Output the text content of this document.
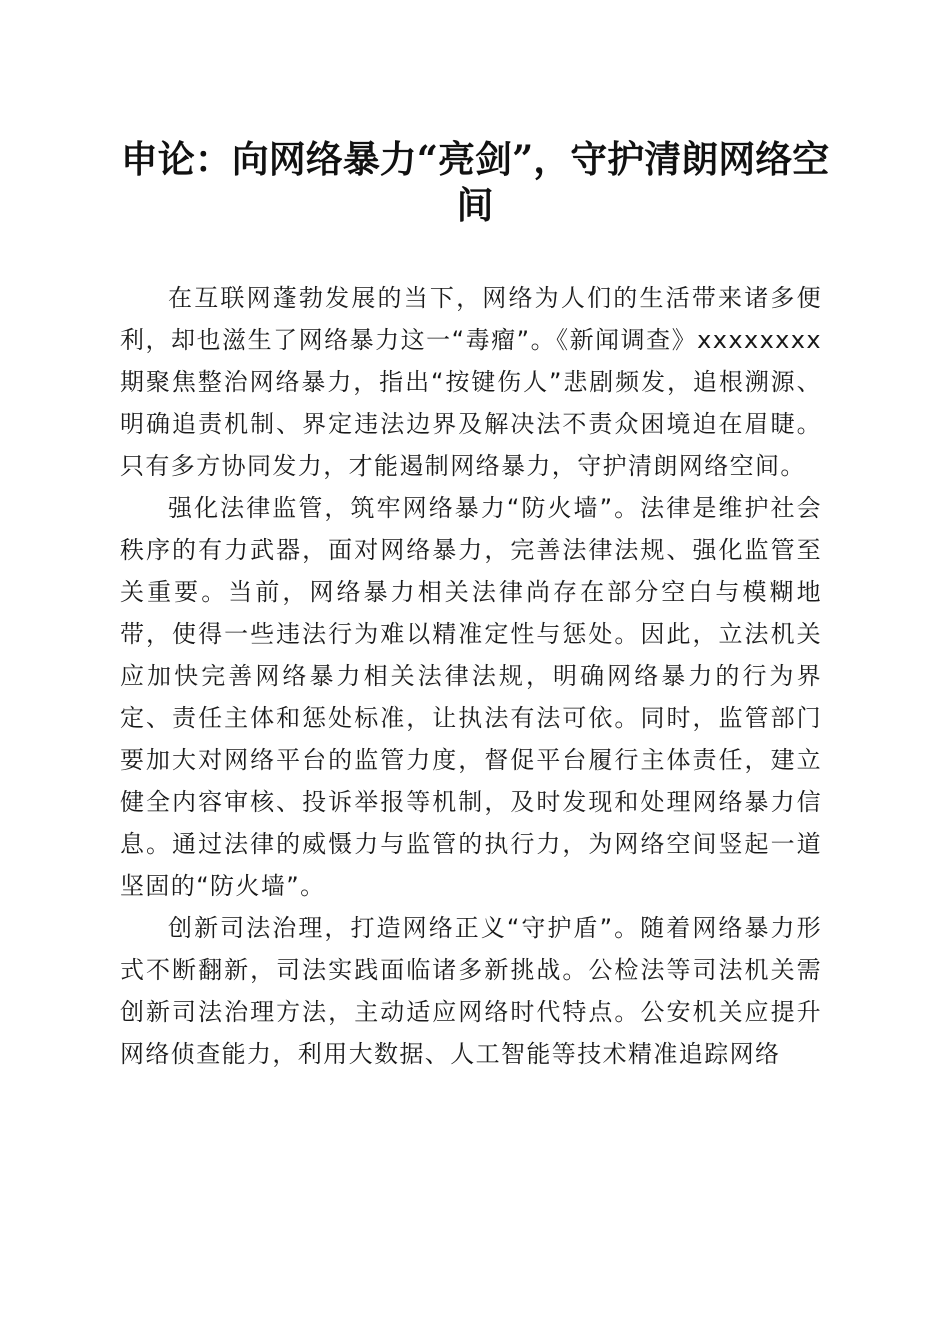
申论：向网络暴力“亮剑”，守护清朗网络空间

在互联网蓬勃发展的当下，网络为人们的生活带来诸多便利，却也滋生了网络暴力这一“毒瘤”。《新闻调查》xxxxxxxx期聚焦整治网络暴力，指出“按键伤人”悲剧频发，追根溯源、明确追责机制、界定违法边界及解决法不责众困境迫在眉睫。只有多方协同发力，才能遏制网络暴力，守护清朗网络空间。

强化法律监管，筑牢网络暴力“防火墙”。法律是维护社会秩序的有力武器，面对网络暴力，完善法律法规、强化监管至关重要。当前，网络暴力相关法律尚存在部分空白与模糊地带，使得一些违法行为难以精准定性与惩处。因此，立法机关应加快完善网络暴力相关法律法规，明确网络暴力的行为界定、责任主体和惩处标准，让执法有法可依。同时，监管部门要加大对网络平台的监管力度，督促平台履行主体责任，建立健全内容审核、投诉举报等机制，及时发现和处理网络暴力信息。通过法律的威慑力与监管的执行力，为网络空间竖起一道坚固的“防火墙”。

创新司法治理，打造网络正义“守护盾”。随着网络暴力形式不断翻新，司法实践面临诸多新挑战。公检法等司法机关需创新司法治理方法，主动适应网络时代特点。公安机关应提升网络侦查能力，利用大数据、人工智能等技术精准追踪网络
